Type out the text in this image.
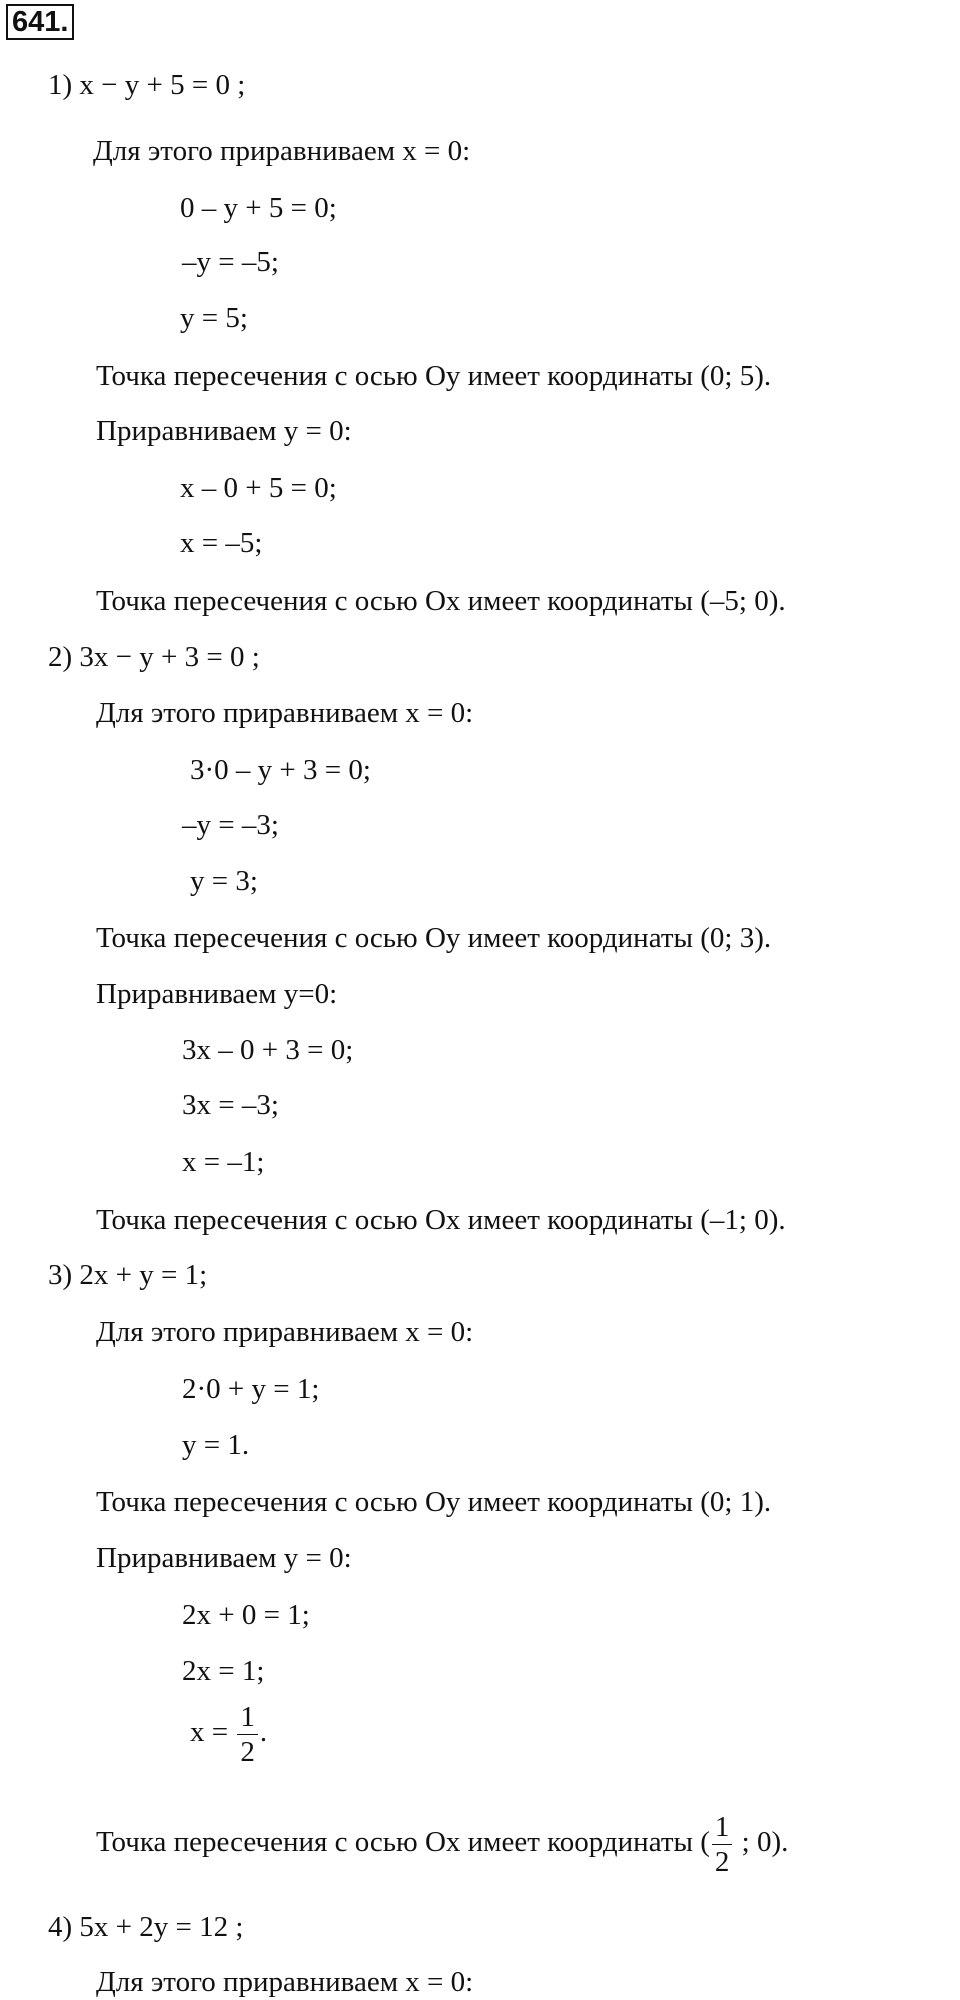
641.
1) x − y + 5 = 0 ;
Для этого приравниваем x = 0:
0 – y + 5 = 0;
–y = –5;
y = 5;
Точка пересечения с осью Оy имеет координаты (0; 5).
Приравниваем y = 0:
x – 0 + 5 = 0;
x = –5;
Точка пересечения с осью Ox имеет координаты (–5; 0).
2) 3x − y + 3 = 0 ;
Для этого приравниваем x = 0:
3·0 – y + 3 = 0;
–y = –3;
y = 3;
Точка пересечения с осью Оy имеет координаты (0; 3).
Приравниваем y=0:
3x – 0 + 3 = 0;
3x = –3;
x = –1;
Точка пересечения с осью Оx имеет координаты (–1; 0).
3) 2x + y = 1;
Для этого приравниваем x = 0:
2·0 + y = 1;
y = 1.
Точка пересечения с осью Оy имеет координаты (0; 1).
Приравниваем y = 0:
2x + 0 = 1;
2x = 1;
$x = \frac{1}{2}$ .
Точка пересечения с осью Оx имеет координаты ( $\frac{1}{2}$ ; 0).
4) 5x + 2y = 12 ;
Для этого приравниваем x = 0:
